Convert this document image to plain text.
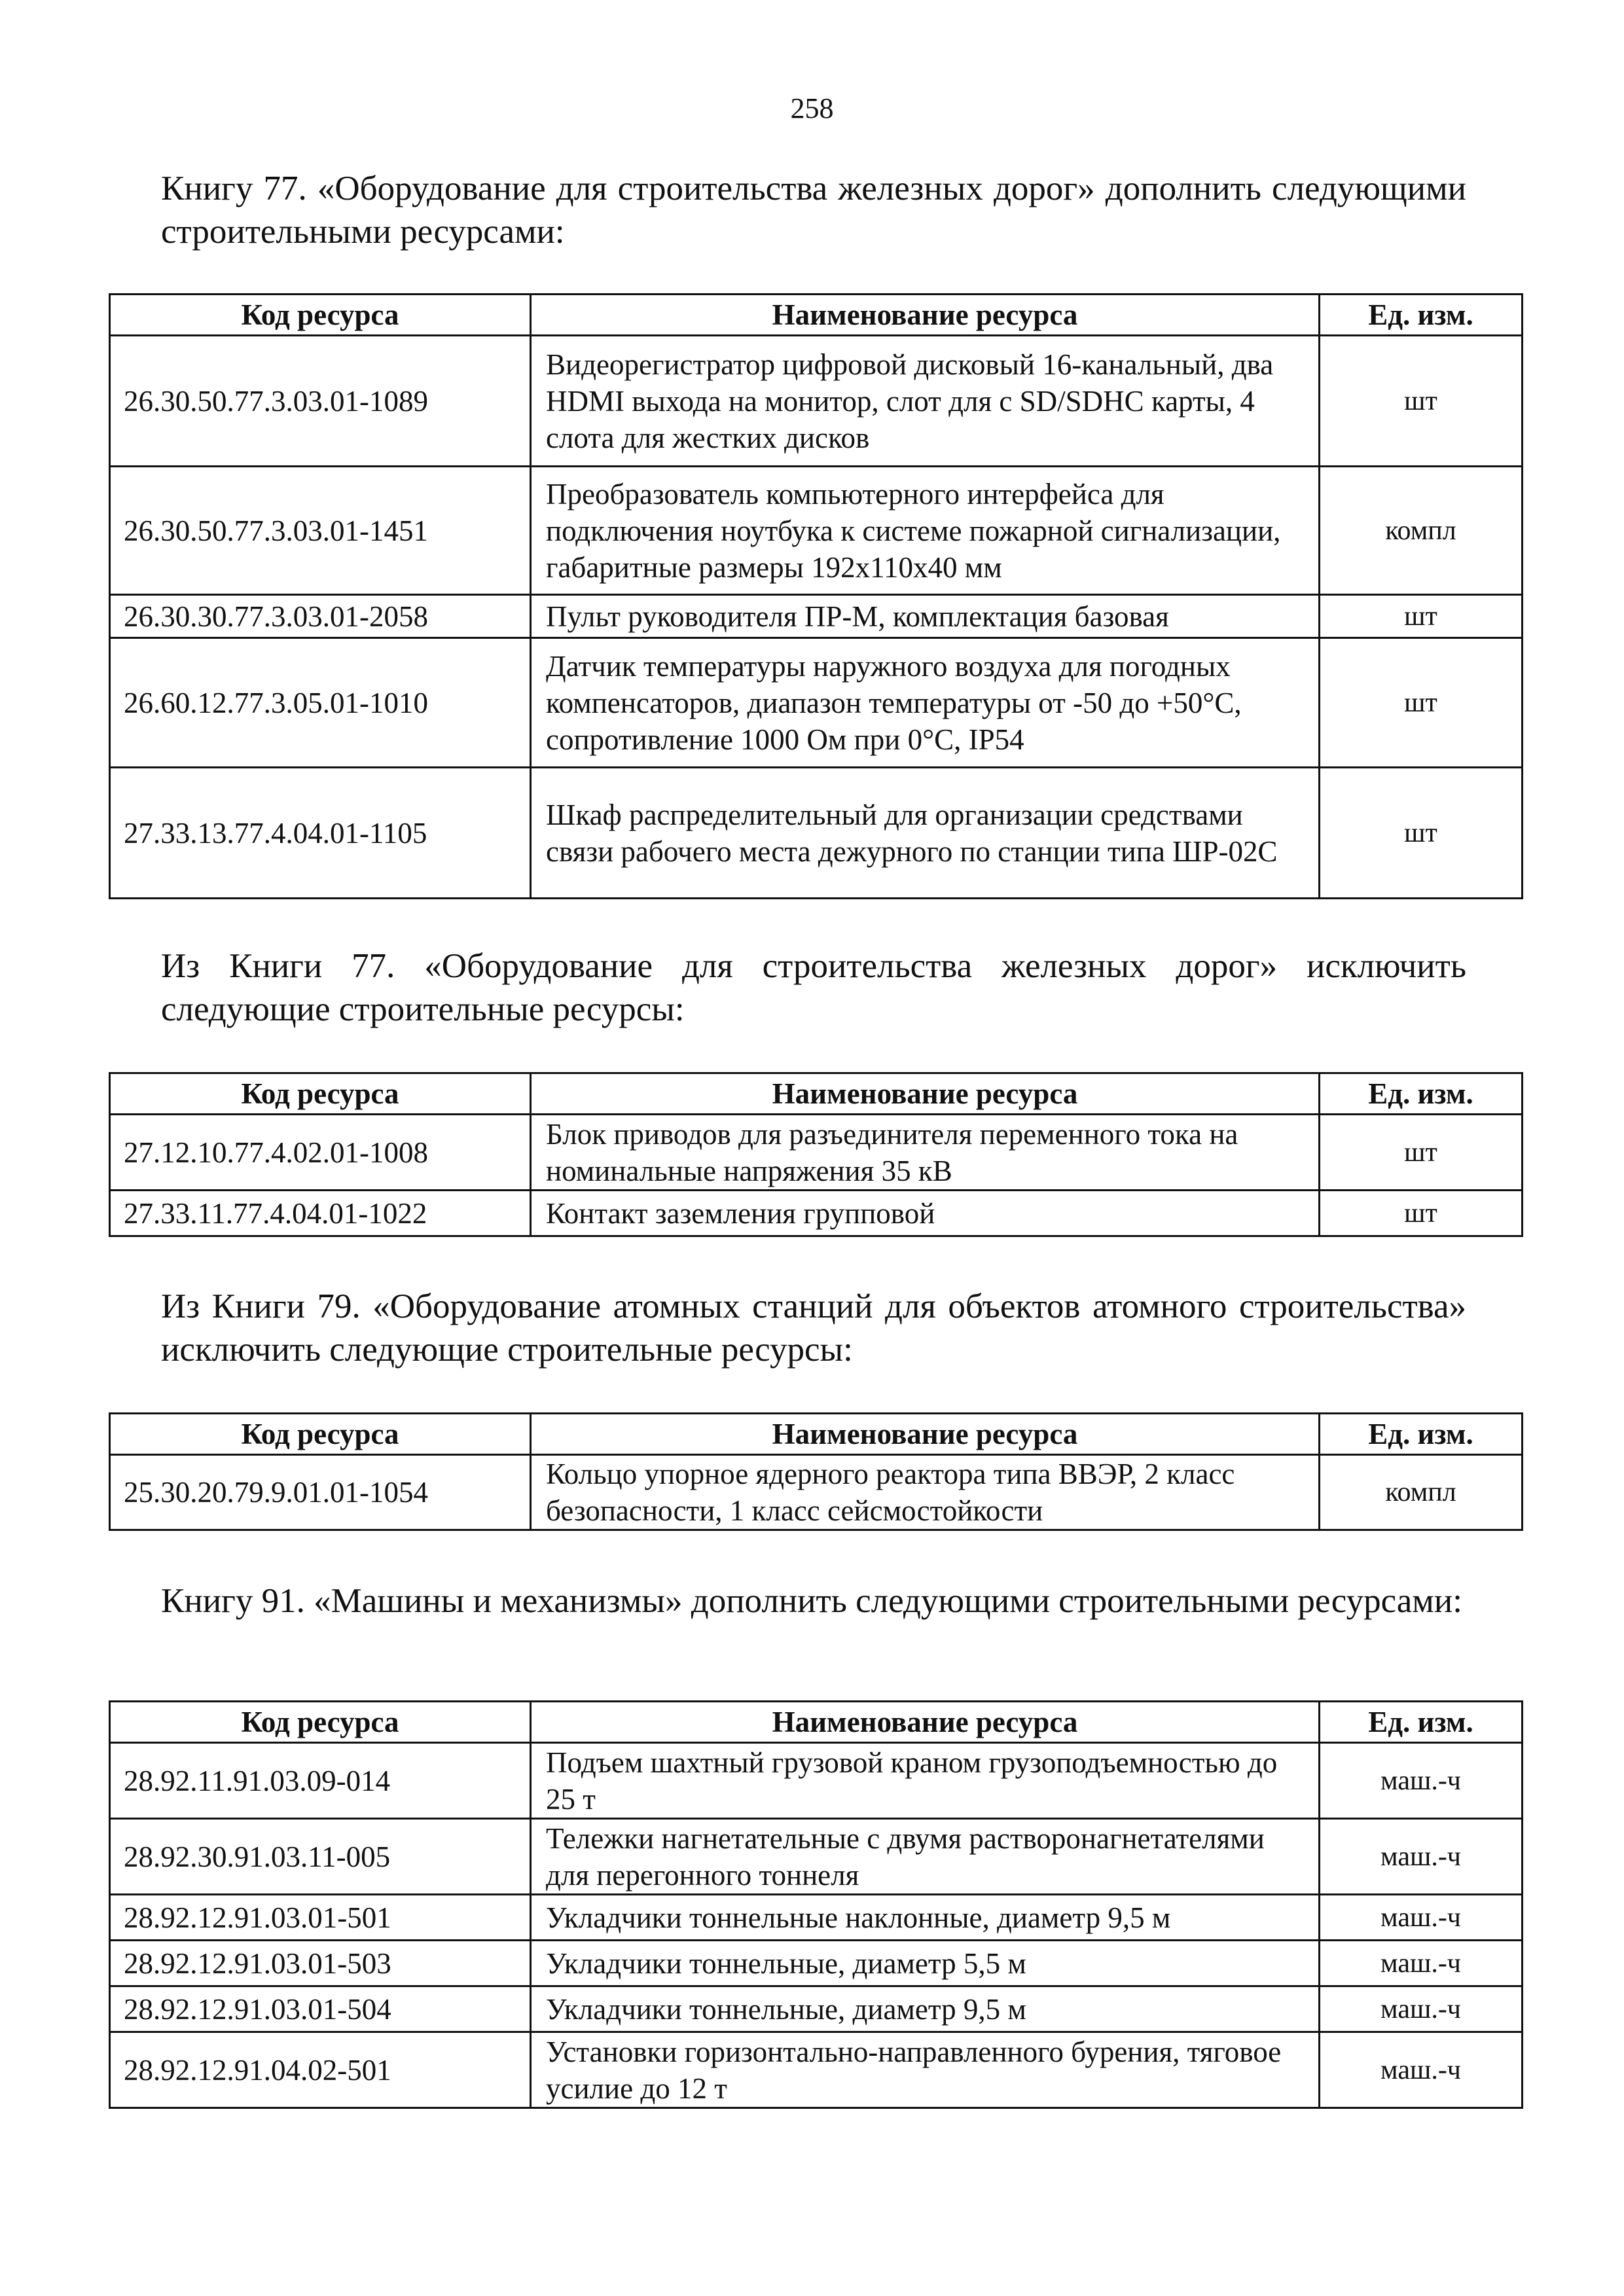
258

Книгу 77. «Оборудование для строительства железных дорог» дополнить следующими строительными ресурсами:

Код ресурса	Наименование ресурса	Ед. изм.
26.30.50.77.3.03.01-1089	Видеорегистратор цифровой дисковый 16-канальный, два HDMI выхода на монитор, слот для с SD/SDHC карты, 4 слота для жестких дисков	шт
26.30.50.77.3.03.01-1451	Преобразователь компьютерного интерфейса для подключения ноутбука к системе пожарной сигнализации, габаритные размеры 192х110х40 мм	компл
26.30.30.77.3.03.01-2058	Пульт руководителя ПР-М, комплектация базовая	шт
26.60.12.77.3.05.01-1010	Датчик температуры наружного воздуха для погодных компенсаторов, диапазон температуры от -50 до +50°С, сопротивление 1000 Ом при 0°С, IP54	шт
27.33.13.77.4.04.01-1105	Шкаф распределительный для организации средствами связи рабочего места дежурного по станции типа ШР-02С	шт

Из Книги 77. «Оборудование для строительства железных дорог» исключить следующие строительные ресурсы:

Код ресурса	Наименование ресурса	Ед. изм.
27.12.10.77.4.02.01-1008	Блок приводов для разъединителя переменного тока на номинальные напряжения 35 кВ	шт
27.33.11.77.4.04.01-1022	Контакт заземления групповой	шт

Из Книги 79. «Оборудование атомных станций для объектов атомного строительства» исключить следующие строительные ресурсы:

Код ресурса	Наименование ресурса	Ед. изм.
25.30.20.79.9.01.01-1054	Кольцо упорное ядерного реактора типа ВВЭР, 2 класс безопасности, 1 класс сейсмостойкости	компл

Книгу 91. «Машины и механизмы» дополнить следующими строительными ресурсами:

Код ресурса	Наименование ресурса	Ед. изм.
28.92.11.91.03.09-014	Подъем шахтный грузовой краном грузоподъемностью до 25 т	маш.-ч
28.92.30.91.03.11-005	Тележки нагнетательные с двумя растворонагнетателями для перегонного тоннеля	маш.-ч
28.92.12.91.03.01-501	Укладчики тоннельные наклонные, диаметр 9,5 м	маш.-ч
28.92.12.91.03.01-503	Укладчики тоннельные, диаметр 5,5 м	маш.-ч
28.92.12.91.03.01-504	Укладчики тоннельные, диаметр 9,5 м	маш.-ч
28.92.12.91.04.02-501	Установки горизонтально-направленного бурения, тяговое усилие до 12 т	маш.-ч
